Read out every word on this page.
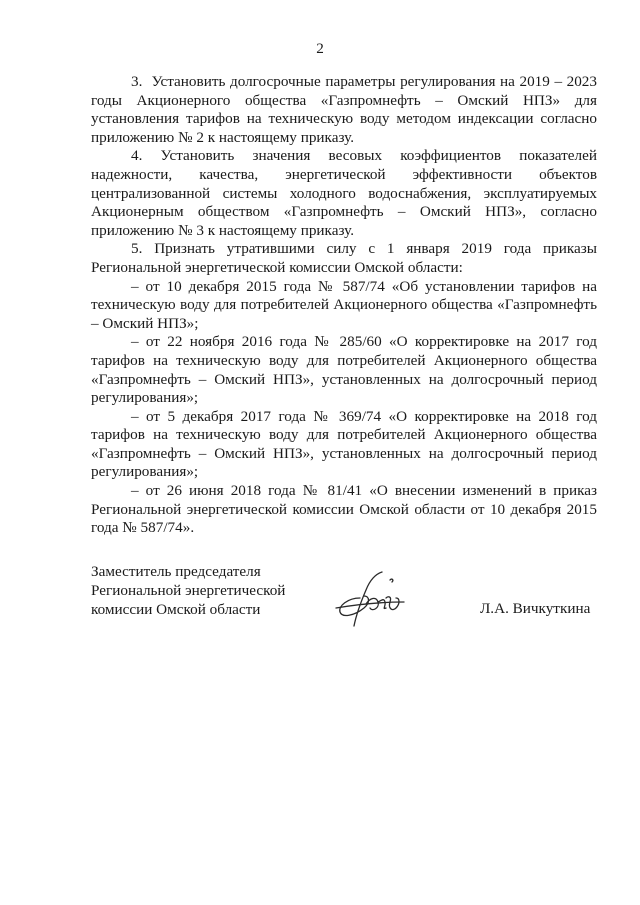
2

3.  Установить долгосрочные параметры регулирования на 2019 – 2023 годы Акционерного общества «Газпромнефть – Омский НПЗ» для установления тарифов на техническую воду методом индексации согласно приложению № 2 к настоящему приказу.

4. Установить значения весовых коэффициентов показателей надежности, качества, энергетической эффективности объектов централизованной системы холодного водоснабжения, эксплуатируемых Акционерным обществом «Газпромнефть – Омский НПЗ», согласно приложению № 3 к настоящему приказу.

5. Признать утратившими силу с 1 января 2019 года приказы Региональной энергетической комиссии Омской области:

– от 10 декабря 2015 года № 587/74 «Об установлении тарифов на техническую воду для потребителей Акционерного общества «Газпромнефть – Омский НПЗ»;

– от 22 ноября 2016 года № 285/60 «О корректировке на 2017 год тарифов на техническую воду для потребителей Акционерного общества «Газпромнефть – Омский НПЗ», установленных на долгосрочный период регулирования»;

– от 5 декабря 2017 года № 369/74 «О корректировке на 2018 год тарифов на техническую воду для потребителей Акционерного общества «Газпромнефть – Омский НПЗ», установленных на долгосрочный период регулирования»;

– от 26 июня 2018 года № 81/41 «О внесении изменений в приказ Региональной энергетической комиссии Омской области от 10 декабря 2015 года № 587/74».

Заместитель председателя
Региональной энергетической
комиссии Омской области	Л.А. Вичкуткина
